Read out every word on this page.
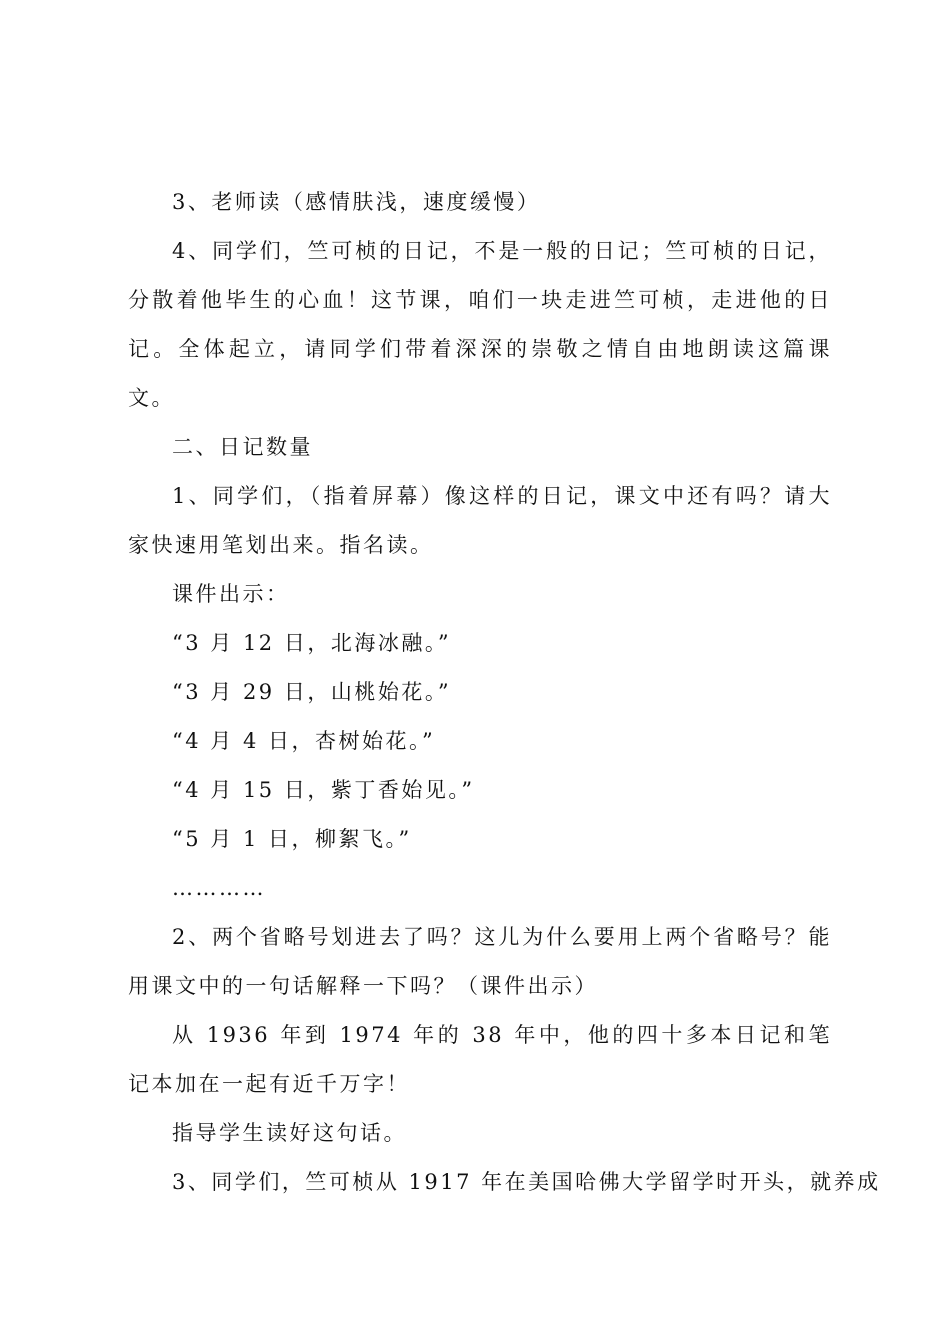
3、老师读（感情肤浅，速度缓慢）

4、同学们，竺可桢的日记，不是一般的日记；竺可桢的日记，分散着他毕生的心血！这节课，咱们一块走进竺可桢，走进他的日记。全体起立，请同学们带着深深的崇敬之情自由地朗读这篇课文。

二、日记数量

1、同学们，（指着屏幕）像这样的日记，课文中还有吗？请大家快速用笔划出来。指名读。

课件出示：

“3 月 12 日，北海冰融。”

“3 月 29 日，山桃始花。”

“4 月 4 日，杏树始花。”

“4 月 15 日，紫丁香始见。”

“5 月 1 日，柳絮飞。”

…………

2、两个省略号划进去了吗？这儿为什么要用上两个省略号？能用课文中的一句话解释一下吗？（课件出示）

从 1936 年到 1974 年的 38 年中，他的四十多本日记和笔记本加在一起有近千万字！

指导学生读好这句话。

3、同学们，竺可桢从 1917 年在美国哈佛大学留学时开头，就养成
